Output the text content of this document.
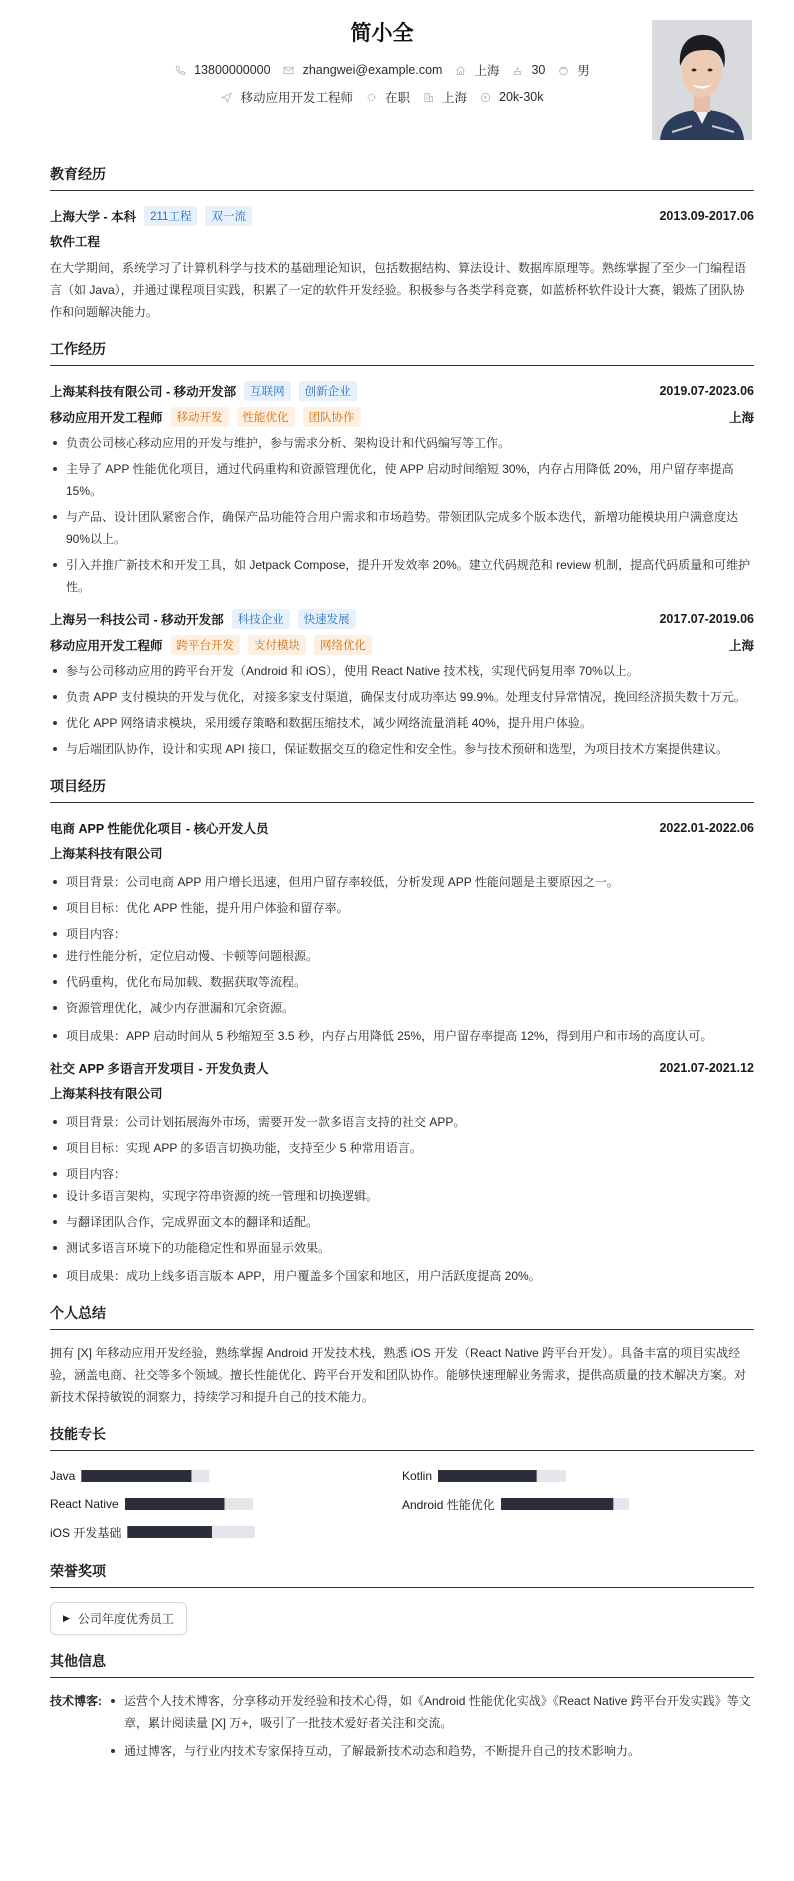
简小全
13800000000	zhangwei@example.com	上海	30	男
移动应用开发工程师	在职	上海	20k-30k
教育经历
上海大学 - 本科	211工程	双一流	2013.09-2017.06
软件工程
在大学期间，系统学习了计算机科学与技术的基础理论知识，包括数据结构、算法设计、数据库原理等。熟练掌握了至少一门编程语言（如 Java），并通过课程项目实践，积累了一定的软件开发经验。积极参与各类学科竞赛，如蓝桥杯软件设计大赛，锻炼了团队协作和问题解决能力。
工作经历
上海某科技有限公司 - 移动开发部	互联网	创新企业	2019.07-2023.06
移动应用开发工程师	移动开发	性能优化	团队协作	上海
负责公司核心移动应用的开发与维护，参与需求分析、架构设计和代码编写等工作。
主导了 APP 性能优化项目，通过代码重构和资源管理优化，使 APP 启动时间缩短 30%，内存占用降低 20%，用户留存率提高 15%。
与产品、设计团队紧密合作，确保产品功能符合用户需求和市场趋势。带领团队完成多个版本迭代，新增功能模块用户满意度达 90%以上。
引入并推广新技术和开发工具，如 Jetpack Compose，提升开发效率 20%。建立代码规范和 review 机制，提高代码质量和可维护性。
上海另一科技公司 - 移动开发部	科技企业	快速发展	2017.07-2019.06
移动应用开发工程师	跨平台开发	支付模块	网络优化	上海
参与公司移动应用的跨平台开发（Android 和 iOS），使用 React Native 技术栈，实现代码复用率 70%以上。
负责 APP 支付模块的开发与优化，对接多家支付渠道，确保支付成功率达 99.9%。处理支付异常情况，挽回经济损失数十万元。
优化 APP 网络请求模块，采用缓存策略和数据压缩技术，减少网络流量消耗 40%，提升用户体验。
与后端团队协作，设计和实现 API 接口，保证数据交互的稳定性和安全性。参与技术预研和选型，为项目技术方案提供建议。
项目经历
电商 APP 性能优化项目 - 核心开发人员	2022.01-2022.06
上海某科技有限公司
项目背景：公司电商 APP 用户增长迅速，但用户留存率较低，分析发现 APP 性能问题是主要原因之一。
项目目标：优化 APP 性能，提升用户体验和留存率。
项目内容：
进行性能分析，定位启动慢、卡顿等问题根源。
代码重构，优化布局加载、数据获取等流程。
资源管理优化，减少内存泄漏和冗余资源。
项目成果：APP 启动时间从 5 秒缩短至 3.5 秒，内存占用降低 25%，用户留存率提高 12%，得到用户和市场的高度认可。
社交 APP 多语言开发项目 - 开发负责人	2021.07-2021.12
上海某科技有限公司
项目背景：公司计划拓展海外市场，需要开发一款多语言支持的社交 APP。
项目目标：实现 APP 的多语言切换功能，支持至少 5 种常用语言。
项目内容：
设计多语言架构，实现字符串资源的统一管理和切换逻辑。
与翻译团队合作，完成界面文本的翻译和适配。
测试多语言环境下的功能稳定性和界面显示效果。
项目成果：成功上线多语言版本 APP，用户覆盖多个国家和地区，用户活跃度提高 20%。
个人总结
拥有 [X] 年移动应用开发经验，熟练掌握 Android 开发技术栈，熟悉 iOS 开发（React Native 跨平台开发）。具备丰富的项目实战经验，涵盖电商、社交等多个领域。擅长性能优化、跨平台开发和团队协作。能够快速理解业务需求，提供高质量的技术解决方案。对新技术保持敏锐的洞察力，持续学习和提升自己的技术能力。
技能专长
Java	Kotlin
React Native	Android 性能优化
iOS 开发基础
荣誉奖项
▶ 公司年度优秀员工
其他信息
技术博客:	运营个人技术博客，分享移动开发经验和技术心得，如《Android 性能优化实战》《React Native 跨平台开发实践》等文章，累计阅读量 [X] 万+，吸引了一批技术爱好者关注和交流。
通过博客，与行业内技术专家保持互动，了解最新技术动态和趋势，不断提升自己的技术影响力。
